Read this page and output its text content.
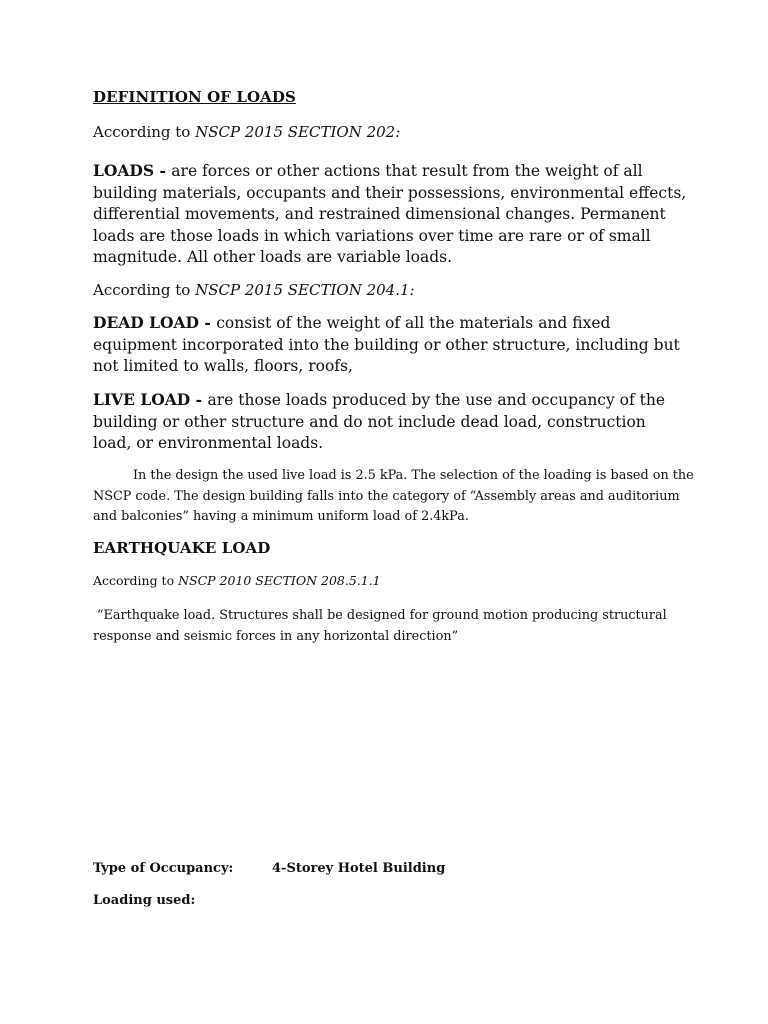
DEFINITION OF LOADS

According to NSCP 2015 SECTION 202:

LOADS - are forces or other actions that result from the weight of all building materials, occupants and their possessions, environmental effects, differential movements, and restrained dimensional changes. Permanent loads are those loads in which variations over time are rare or of small magnitude. All other loads are variable loads.

According to NSCP 2015 SECTION 204.1:

DEAD LOAD - consist of the weight of all the materials and fixed equipment incorporated into the building or other structure, including but not limited to walls, floors, roofs,

LIVE LOAD - are those loads produced by the use and occupancy of the building or other structure and do not include dead load, construction load, or environmental loads.

In the design the used live load is 2.5 kPa. The selection of the loading is based on the NSCP code. The design building falls into the category of “Assembly areas and auditorium and balconies” having a minimum uniform load of 2.4kPa.

EARTHQUAKE LOAD

According to NSCP 2010 SECTION 208.5.1.1

“Earthquake load. Structures shall be designed for ground motion producing structural response and seismic forces in any horizontal direction”

Type of Occupancy:	4-Storey Hotel Building

Loading used:
